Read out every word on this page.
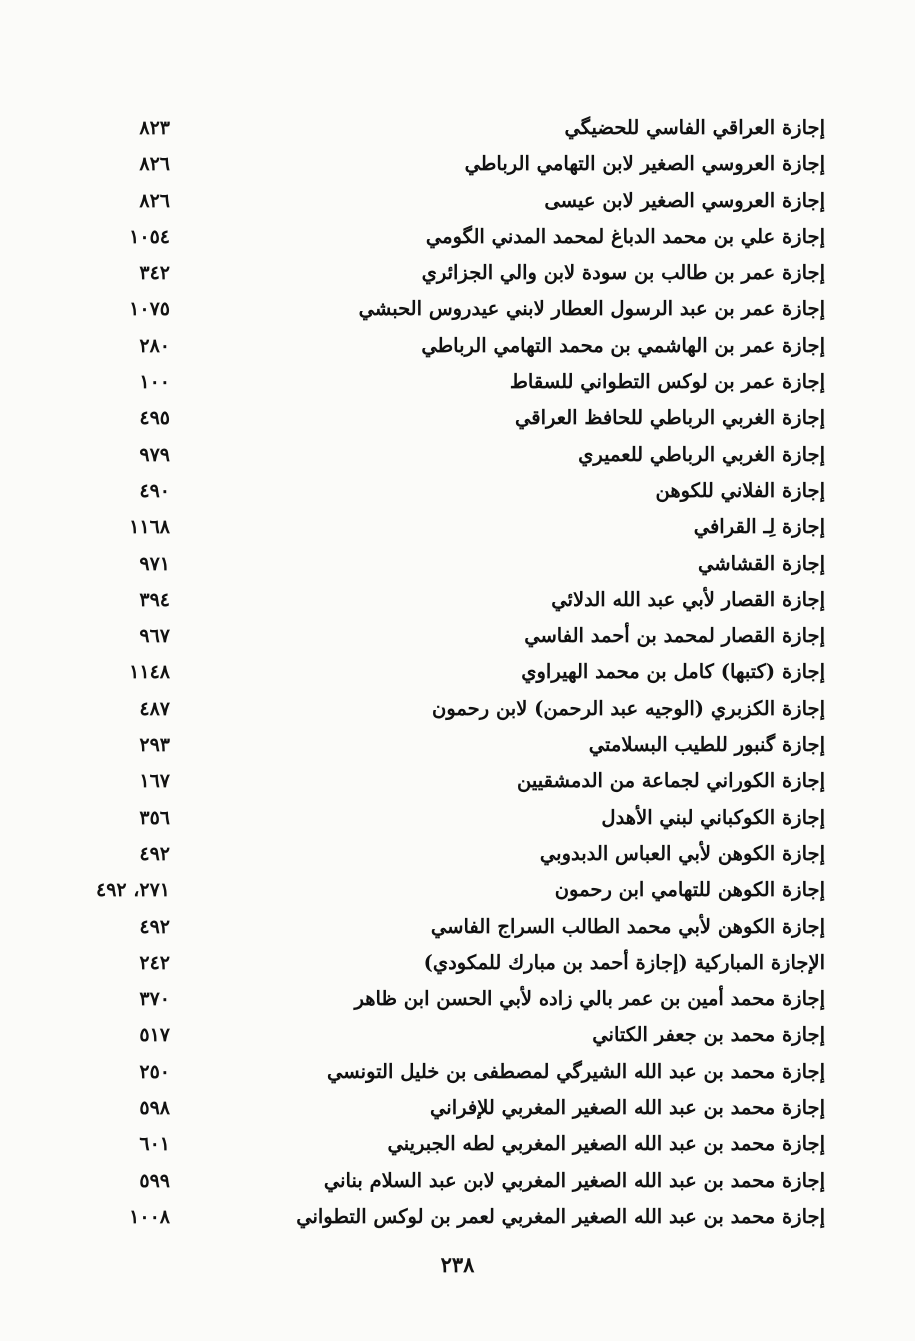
إجازة العراقي الفاسي للحضيگي
٨٢٣
إجازة العروسي الصغير لابن التهامي الرباطي
٨٢٦
إجازة العروسي الصغير لابن عيسى
٨٢٦
إجازة علي بن محمد الدباغ لمحمد المدني الگومي
١٠٥٤
إجازة عمر بن طالب بن سودة لابن والي الجزائري
٣٤٢
إجازة عمر بن عبد الرسول العطار لابني عيدروس الحبشي
١٠٧٥
إجازة عمر بن الهاشمي بن محمد التهامي الرباطي
٢٨٠
إجازة عمر بن لوكس التطواني للسقاط
١٠٠
إجازة الغربي الرباطي للحافظ العراقي
٤٩٥
إجازة الغربي الرباطي للعميري
٩٧٩
إجازة الفلاني للكوهن
٤٩٠
إجازة لِـ القرافي
١١٦٨
إجازة القشاشي
٩٧١
إجازة القصار لأبي عبد الله الدلائي
٣٩٤
إجازة القصار لمحمد بن أحمد الفاسي
٩٦٧
إجازة (كتبها) كامل بن محمد الهيراوي
١١٤٨
إجازة الكزبري (الوجيه عبد الرحمن) لابن رحمون
٤٨٧
إجازة گنبور للطيب البسلامتي
٢٩٣
إجازة الكوراني لجماعة من الدمشقيين
١٦٧
إجازة الكوكباني لبني الأهدل
٣٥٦
إجازة الكوهن لأبي العباس الدبدوبي
٤٩٢
إجازة الكوهن للتهامي ابن رحمون
٢٧١، ٤٩٢
إجازة الكوهن لأبي محمد الطالب السراج الفاسي
٤٩٢
الإجازة المباركية (إجازة أحمد بن مبارك للمكودي)
٢٤٢
إجازة محمد أمين بن عمر بالي زاده لأبي الحسن ابن ظاهر
٣٧٠
إجازة محمد بن جعفر الكتاني
٥١٧
إجازة محمد بن عبد الله الشيرگي لمصطفى بن خليل التونسي
٢٥٠
إجازة محمد بن عبد الله الصغير المغربي للإفراني
٥٩٨
إجازة محمد بن عبد الله الصغير المغربي لطه الجبريني
٦٠١
إجازة محمد بن عبد الله الصغير المغربي لابن عبد السلام بناني
٥٩٩
إجازة محمد بن عبد الله الصغير المغربي لعمر بن لوكس التطواني
١٠٠٨
٢٣٨
